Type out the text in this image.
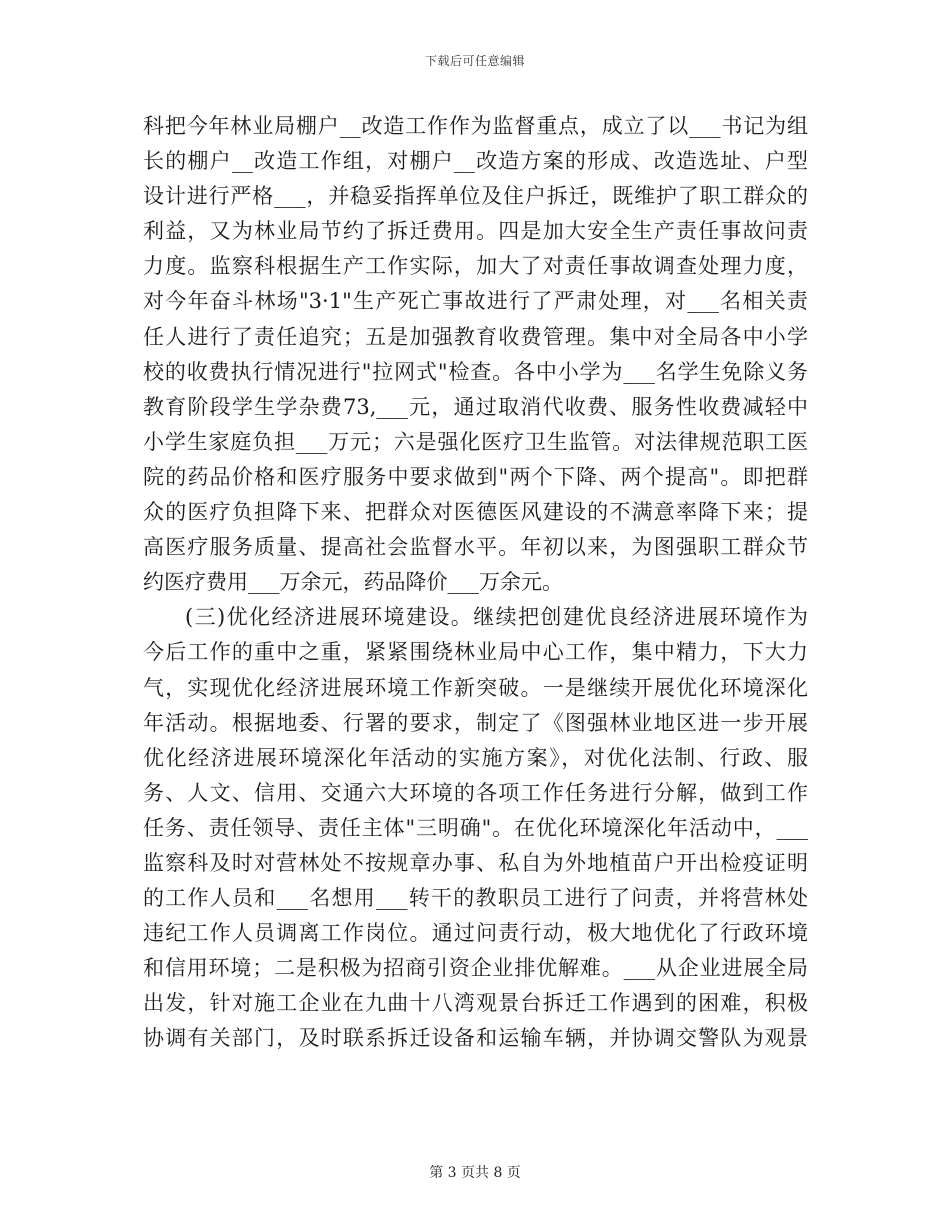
下载后可任意编辑
科把今年林业局棚户__改造工作作为监督重点，成立了以___书记为组
长的棚户__改造工作组，对棚户__改造方案的形成、改造选址、户型
设计进行严格___，并稳妥指挥单位及住户拆迁，既维护了职工群众的
利益，又为林业局节约了拆迁费用。四是加大安全生产责任事故问责
力度。监察科根据生产工作实际，加大了对责任事故调查处理力度，
对今年奋斗林场"3·1"生产死亡事故进行了严肃处理，对___名相关责
任人进行了责任追究；五是加强教育收费管理。集中对全局各中小学
校的收费执行情况进行"拉网式"检查。各中小学为___名学生免除义务
教育阶段学生学杂费73,___元，通过取消代收费、服务性收费减轻中
小学生家庭负担___万元；六是强化医疗卫生监管。对法律规范职工医
院的药品价格和医疗服务中要求做到"两个下降、两个提高"。即把群
众的医疗负担降下来、把群众对医德医风建设的不满意率降下来；提
高医疗服务质量、提高社会监督水平。年初以来，为图强职工群众节
约医疗费用___万余元，药品降价___万余元。
(三)优化经济进展环境建设。继续把创建优良经济进展环境作为
今后工作的重中之重，紧紧围绕林业局中心工作，集中精力，下大力
气，实现优化经济进展环境工作新突破。一是继续开展优化环境深化
年活动。根据地委、行署的要求，制定了《图强林业地区进一步开展
优化经济进展环境深化年活动的实施方案》，对优化法制、行政、服
务、人文、信用、交通六大环境的各项工作任务进行分解，做到工作
任务、责任领导、责任主体"三明确"。在优化环境深化年活动中，___
监察科及时对营林处不按规章办事、私自为外地植苗户开出检疫证明
的工作人员和___名想用___转干的教职员工进行了问责，并将营林处
违纪工作人员调离工作岗位。通过问责行动，极大地优化了行政环境
和信用环境；二是积极为招商引资企业排优解难。___从企业进展全局
出发，针对施工企业在九曲十八湾观景台拆迁工作遇到的困难，积极
协调有关部门，及时联系拆迁设备和运输车辆，并协调交警队为观景
第 3 页共 8 页
